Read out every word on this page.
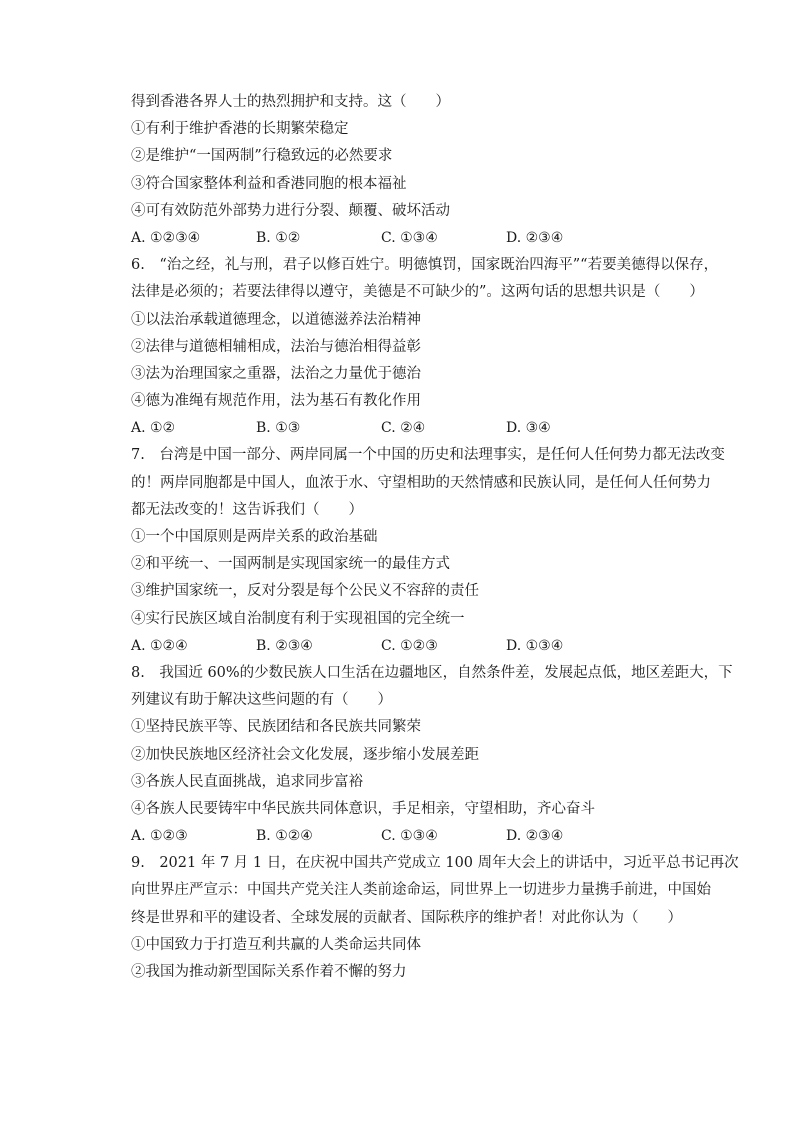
得到香港各界人士的热烈拥护和支持。这（　　）
①有利于维护香港的长期繁荣稳定
②是维护“一国两制”行稳致远的必然要求
③符合国家整体利益和香港同胞的根本福祉
④可有效防范外部势力进行分裂、颠覆、破坏活动
A. ①②③④	B. ①②	C. ①③④	D. ②③④
6.　“治之经，礼与刑，君子以修百姓宁。明德慎罚，国家既治四海平”“若要美德得以保存，
法律是必须的；若要法律得以遵守，美德是不可缺少的”。这两句话的思想共识是（　　）
①以法治承载道德理念，以道德滋养法治精神
②法律与道德相辅相成，法治与德治相得益彰
③法为治理国家之重器，法治之力量优于德治
④德为准绳有规范作用，法为基石有教化作用
A. ①②	B. ①③	C. ②④	D. ③④
7.　台湾是中国一部分、两岸同属一个中国的历史和法理事实，是任何人任何势力都无法改变
的！两岸同胞都是中国人，血浓于水、守望相助的天然情感和民族认同，是任何人任何势力
都无法改变的！这告诉我们（　　）
①一个中国原则是两岸关系的政治基础
②和平统一、一国两制是实现国家统一的最佳方式
③维护国家统一，反对分裂是每个公民义不容辞的责任
④实行民族区域自治制度有利于实现祖国的完全统一
A. ①②④	B. ②③④	C. ①②③	D. ①③④
8.　我国近 60%的少数民族人口生活在边疆地区，自然条件差，发展起点低，地区差距大，下
列建议有助于解决这些问题的有（　　）
①坚持民族平等、民族团结和各民族共同繁荣
②加快民族地区经济社会文化发展，逐步缩小发展差距
③各族人民直面挑战，追求同步富裕
④各族人民要铸牢中华民族共同体意识，手足相亲，守望相助，齐心奋斗
A. ①②③	B. ①②④	C. ①③④	D. ②③④
9.　2021 年 7 月 1 日，在庆祝中国共产党成立 100 周年大会上的讲话中，习近平总书记再次
向世界庄严宣示：中国共产党关注人类前途命运，同世界上一切进步力量携手前进，中国始
终是世界和平的建设者、全球发展的贡献者、国际秩序的维护者！对此你认为（　　）
①中国致力于打造互利共赢的人类命运共同体
②我国为推动新型国际关系作着不懈的努力
